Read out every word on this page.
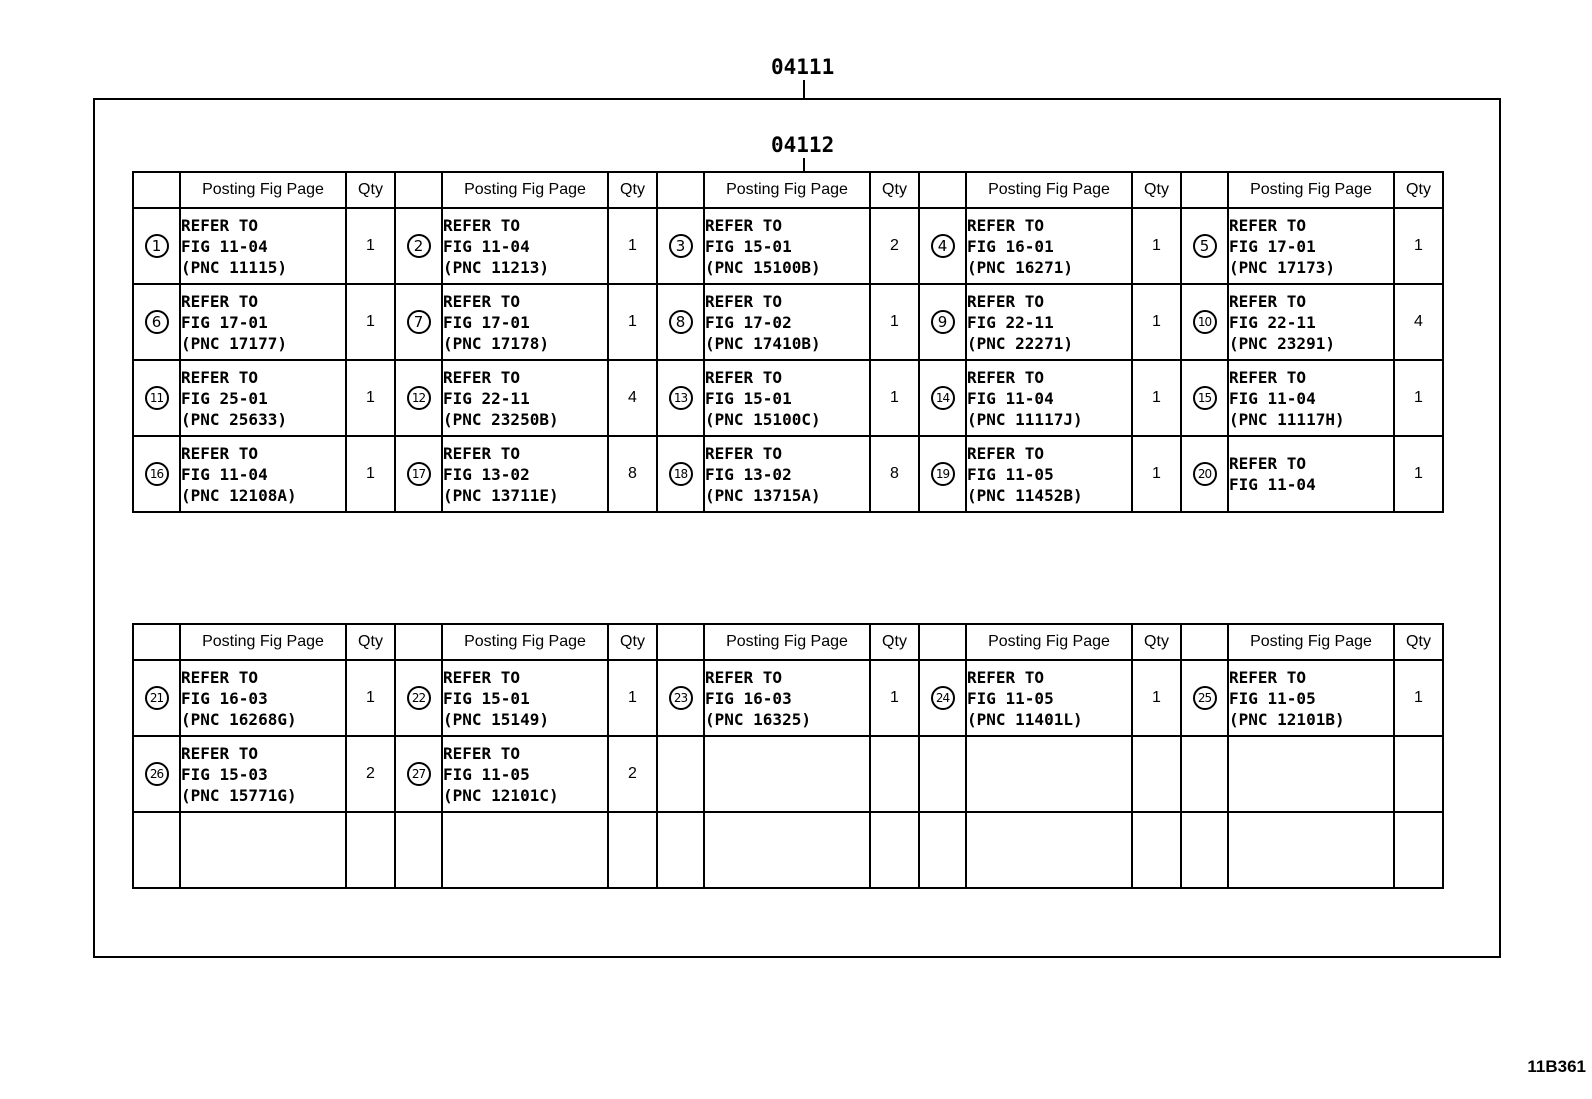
04111
04112
	Posting Fig Page	Qty		Posting Fig Page	Qty		Posting Fig Page	Qty		Posting Fig Page	Qty		Posting Fig Page	Qty
1	REFER TO
FIG 11-04
(PNC 11115)	1	2	REFER TO
FIG 11-04
(PNC 11213)	1	3	REFER TO
FIG 15-01
(PNC 15100B)	2	4	REFER TO
FIG 16-01
(PNC 16271)	1	5	REFER TO
FIG 17-01
(PNC 17173)	1
6	REFER TO
FIG 17-01
(PNC 17177)	1	7	REFER TO
FIG 17-01
(PNC 17178)	1	8	REFER TO
FIG 17-02
(PNC 17410B)	1	9	REFER TO
FIG 22-11
(PNC 22271)	1	10	REFER TO
FIG 22-11
(PNC 23291)	4
11	REFER TO
FIG 25-01
(PNC 25633)	1	12	REFER TO
FIG 22-11
(PNC 23250B)	4	13	REFER TO
FIG 15-01
(PNC 15100C)	1	14	REFER TO
FIG 11-04
(PNC 11117J)	1	15	REFER TO
FIG 11-04
(PNC 11117H)	1
16	REFER TO
FIG 11-04
(PNC 12108A)	1	17	REFER TO
FIG 13-02
(PNC 13711E)	8	18	REFER TO
FIG 13-02
(PNC 13715A)	8	19	REFER TO
FIG 11-05
(PNC 11452B)	1	20	REFER TO
FIG 11-04	1
	Posting Fig Page	Qty		Posting Fig Page	Qty		Posting Fig Page	Qty		Posting Fig Page	Qty		Posting Fig Page	Qty
21	REFER TO
FIG 16-03
(PNC 16268G)	1	22	REFER TO
FIG 15-01
(PNC 15149)	1	23	REFER TO
FIG 16-03
(PNC 16325)	1	24	REFER TO
FIG 11-05
(PNC 11401L)	1	25	REFER TO
FIG 11-05
(PNC 12101B)	1
26	REFER TO
FIG 15-03
(PNC 15771G)	2	27	REFER TO
FIG 11-05
(PNC 12101C)	2									

11B361
